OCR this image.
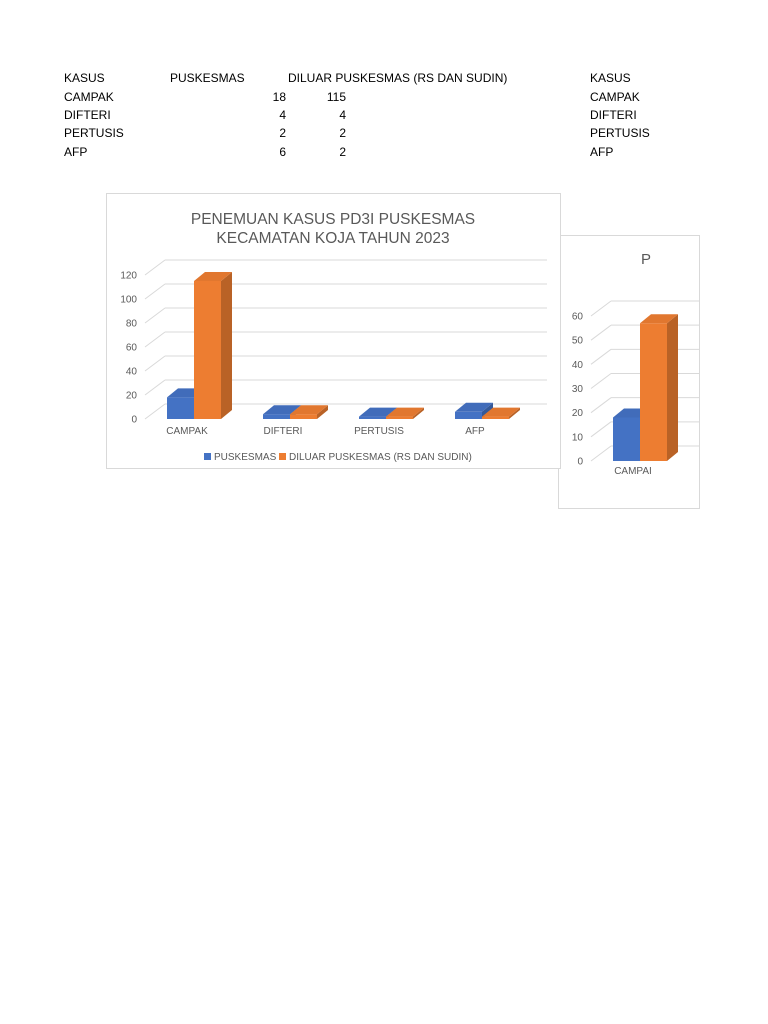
KASUS	PUSKESMAS	DILUAR PUSKESMAS (RS DAN SUDIN)
CAMPAK	18	115
DIFTERI	4	4
PERTUSIS	2	2
AFP	6	2
KASUS
CAMPAK
DIFTERI
PERTUSIS
AFP
P
0
10
20
30
40
50
60
CAMPAI
PENEMUAN KASUS PD3I PUSKESMAS
KECAMATAN KOJA TAHUN 2023
0
20
40
60
80
100
120
CAMPAK	DIFTERI	PERTUSIS	AFP
PUSKESMAS DILUAR PUSKESMAS (RS DAN SUDIN)
